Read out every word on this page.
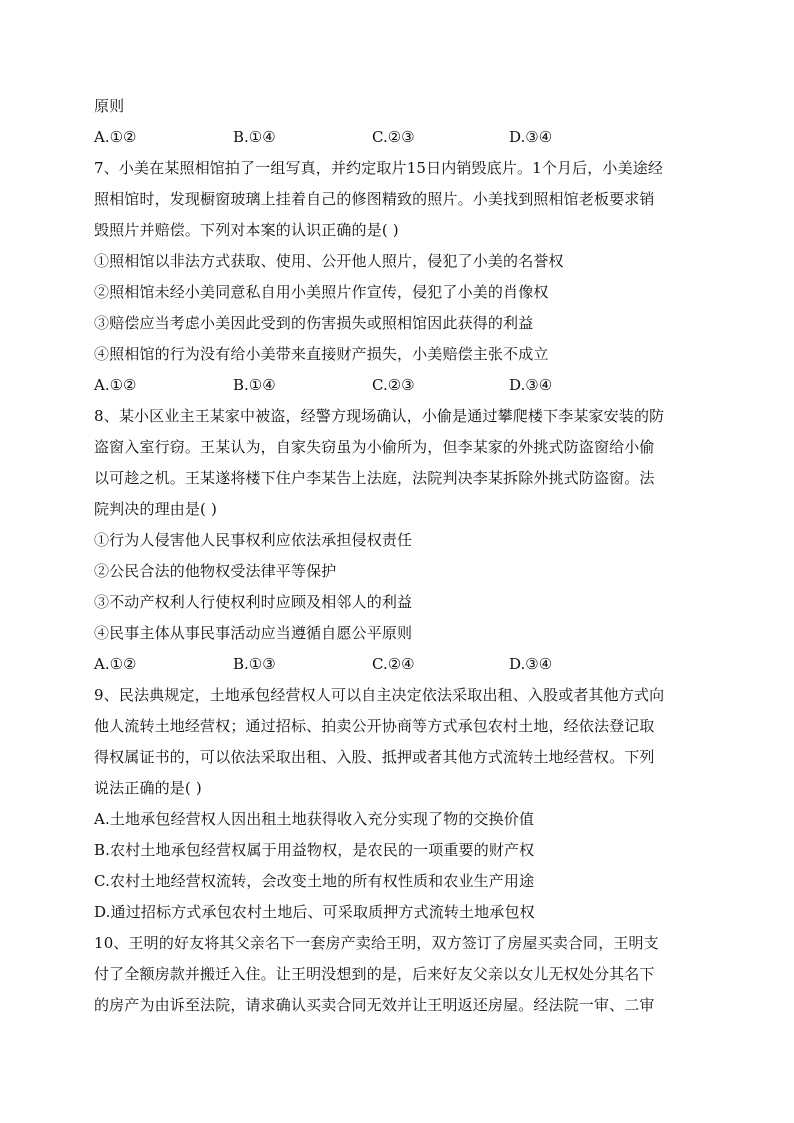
原则
A.①②	B.①④	C.②③	D.③④
7、小美在某照相馆拍了一组写真，并约定取片15日内销毁底片。1个月后，小美途经
照相馆时，发现橱窗玻璃上挂着自己的修图精致的照片。小美找到照相馆老板要求销
毁照片并赔偿。下列对本案的认识正确的是( )
①照相馆以非法方式获取、使用、公开他人照片，侵犯了小美的名誉权
②照相馆未经小美同意私自用小美照片作宣传，侵犯了小美的肖像权
③赔偿应当考虑小美因此受到的伤害损失或照相馆因此获得的利益
④照相馆的行为没有给小美带来直接财产损失，小美赔偿主张不成立
A.①②	B.①④	C.②③	D.③④
8、某小区业主王某家中被盗，经警方现场确认，小偷是通过攀爬楼下李某家安装的防
盗窗入室行窃。王某认为，自家失窃虽为小偷所为，但李某家的外挑式防盗窗给小偷
以可趁之机。王某遂将楼下住户李某告上法庭，法院判决李某拆除外挑式防盗窗。法
院判决的理由是( )
①行为人侵害他人民事权利应依法承担侵权责任
②公民合法的他物权受法律平等保护
③不动产权利人行使权利时应顾及相邻人的利益
④民事主体从事民事活动应当遵循自愿公平原则
A.①②	B.①③	C.②④	D.③④
9、民法典规定，土地承包经营权人可以自主决定依法采取出租、入股或者其他方式向
他人流转土地经营权；通过招标、拍卖公开协商等方式承包农村土地，经依法登记取
得权属证书的，可以依法采取出租、入股、抵押或者其他方式流转土地经营权。下列
说法正确的是( )
A.土地承包经营权人因出租土地获得收入充分实现了物的交换价值
B.农村土地承包经营权属于用益物权，是农民的一项重要的财产权
C.农村土地经营权流转，会改变土地的所有权性质和农业生产用途
D.通过招标方式承包农村土地后、可采取质押方式流转土地承包权
10、王明的好友将其父亲名下一套房产卖给王明，双方签订了房屋买卖合同，王明支
付了全额房款并搬迁入住。让王明没想到的是，后来好友父亲以女儿无权处分其名下
的房产为由诉至法院，请求确认买卖合同无效并让王明返还房屋。经法院一审、二审
